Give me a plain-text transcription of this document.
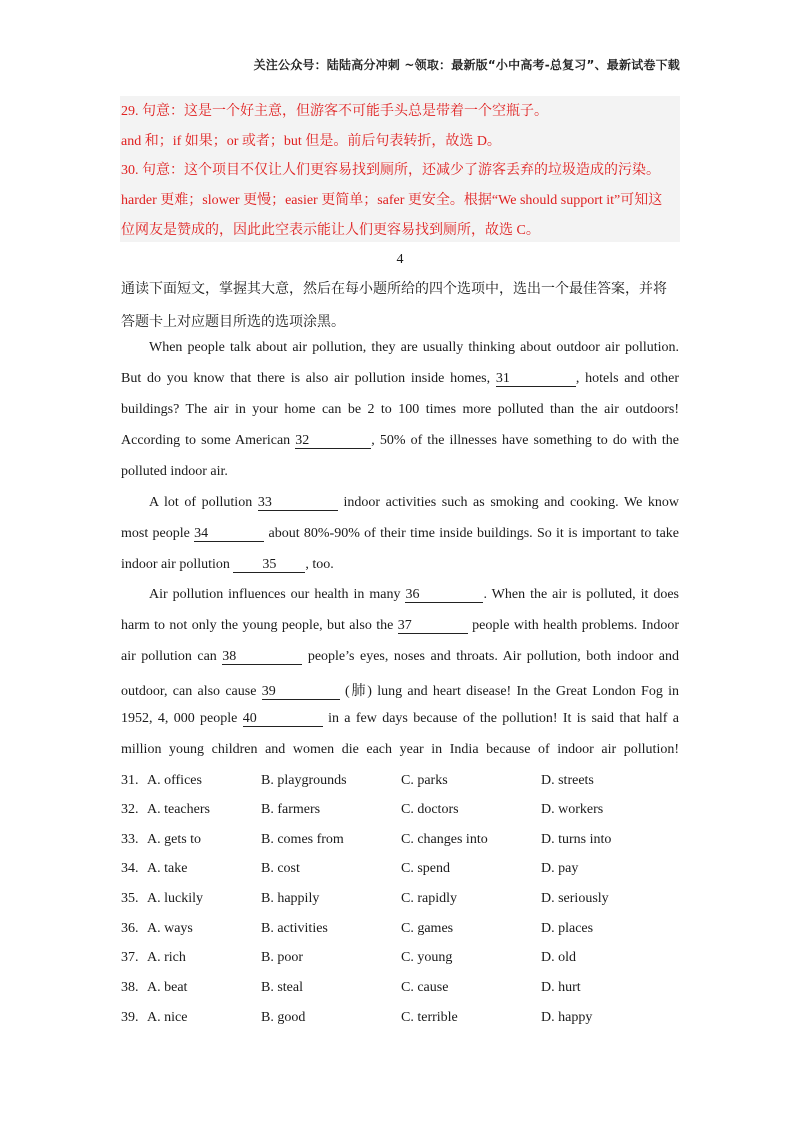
关注公众号：陆陆高分冲刺 ~领取：最新版“小中高考-总复习”、最新试卷下载
29. 句意：这是一个好主意，但游客不可能手头总是带着一个空瓶子。
and 和；if 如果；or 或者；but 但是。前后句表转折，故选 D。
30. 句意：这个项目不仅让人们更容易找到厕所，还减少了游客丢弃的垃圾造成的污染。
harder 更难；slower 更慢；easier 更简单；safer 更安全。根据“We should support it”可知这
位网友是赞成的，因此此空表示能让人们更容易找到厕所，故选 C。
4
通读下面短文，掌握其大意，然后在每小题所给的四个选项中，选出一个最佳答案，并将
答题卡上对应题目所选的选项涂黑。
When people talk about air pollution, they are usually thinking about outdoor air pollution.
But do you know that there is also air pollution inside homes, 31	, hotels and other
buildings? The air in your home can be 2 to 100 times more polluted than the air outdoors!
According to some American 32	, 50% of the illnesses have something to do with the
polluted indoor air.
A lot of pollution 33	indoor activities such as smoking and cooking. We know
most people 34	about 80%-90% of their time inside buildings. So it is important to take
indoor air pollution 35 , too.
Air pollution influences our health in many 36	. When the air is polluted, it does
harm to not only the young people, but also the 37	people with health problems. Indoor
air pollution can 38	people’s eyes, noses and throats. Air pollution, both indoor and
outdoor, can also cause 39	(肺) lung and heart disease! In the Great London Fog in
1952, 4, 000 people 40	in a few days because of the pollution! It is said that half a
million young children and women die each year in India because of indoor air pollution!
31. A. offices	B. playgrounds	C. parks	D. streets
32. A. teachers	B. farmers	C. doctors	D. workers
33. A. gets to	B. comes from	C. changes into	D. turns into
34. A. take	B. cost	C. spend	D. pay
35. A. luckily	B. happily	C. rapidly	D. seriously
36. A. ways	B. activities	C. games	D. places
37. A. rich	B. poor	C. young	D. old
38. A. beat	B. steal	C. cause	D. hurt
39. A. nice	B. good	C. terrible	D. happy
